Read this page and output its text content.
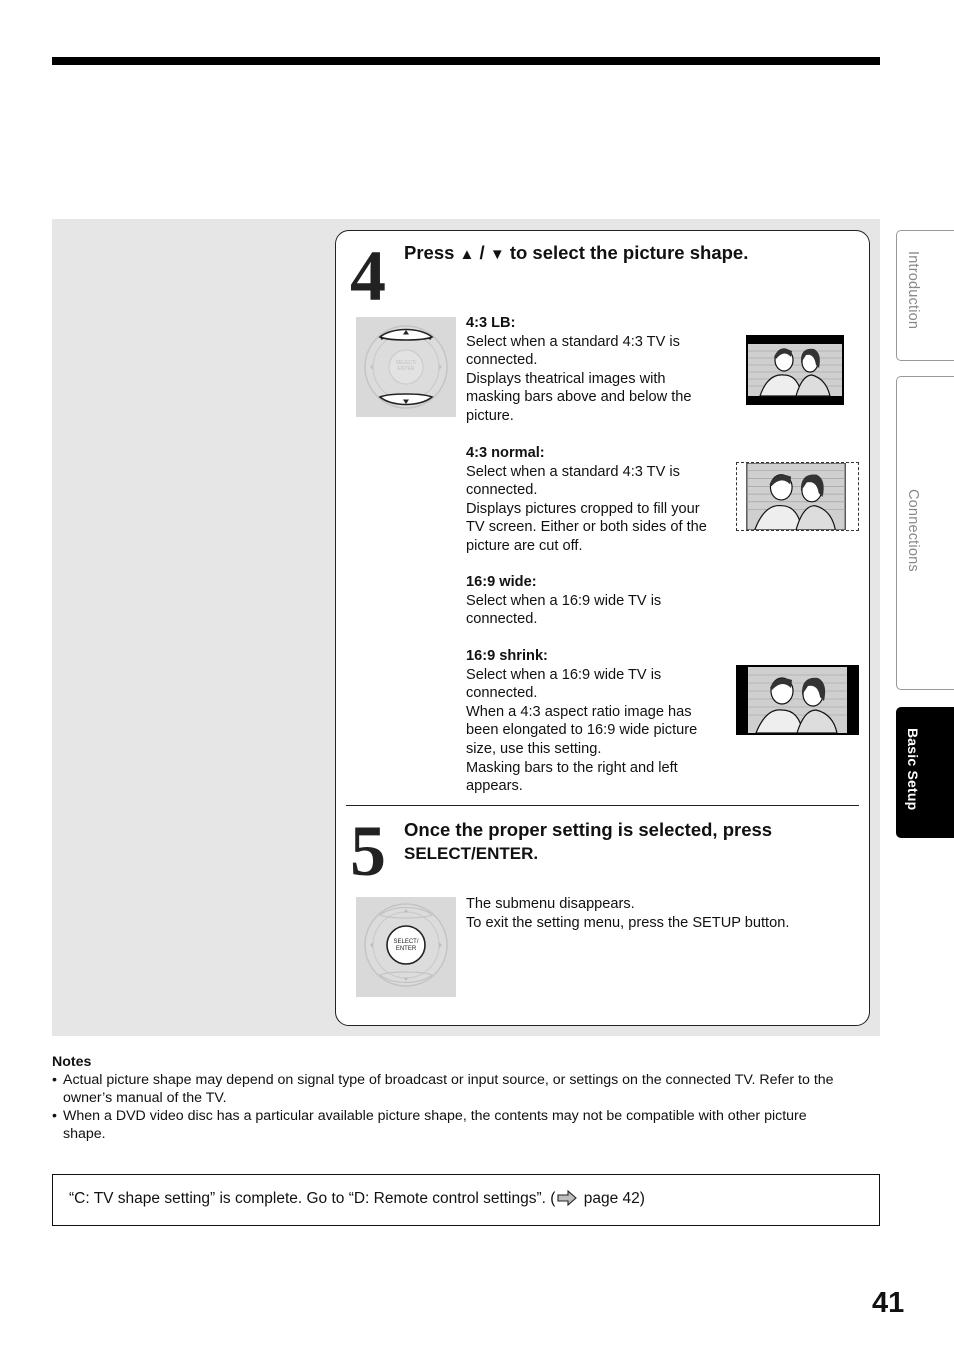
4 Press ▲ / ▼ to select the picture shape.
SELECT/
ENTER
4:3 LB:
Select when a standard 4:3 TV is
connected.
Displays theatrical images with
masking bars above and below the
picture.
4:3 normal:
Select when a standard 4:3 TV is
connected.
Displays pictures cropped to fill your
TV screen. Either or both sides of the
picture are cut off.
16:9 wide:
Select when a 16:9 wide TV is
connected.
16:9 shrink:
Select when a 16:9 wide TV is
connected.
When a 4:3 aspect ratio image has
been elongated to 16:9 wide picture
size, use this setting.
Masking bars to the right and left
appears.
5 Once the proper setting is selected, press
SELECT/ENTER.
SELECT/
ENTER
The submenu disappears.
To exit the setting menu, press the SETUP button.
Notes
• Actual picture shape may depend on signal type of broadcast or input source, or settings on the connected TV. Refer to the
owner’s manual of the TV.
• When a DVD video disc has a particular available picture shape, the contents may not be compatible with other picture
shape.
“C: TV shape setting” is complete. Go to “D: Remote control settings”. ( page 42)
41
Introduction
Connections
Basic Setup
